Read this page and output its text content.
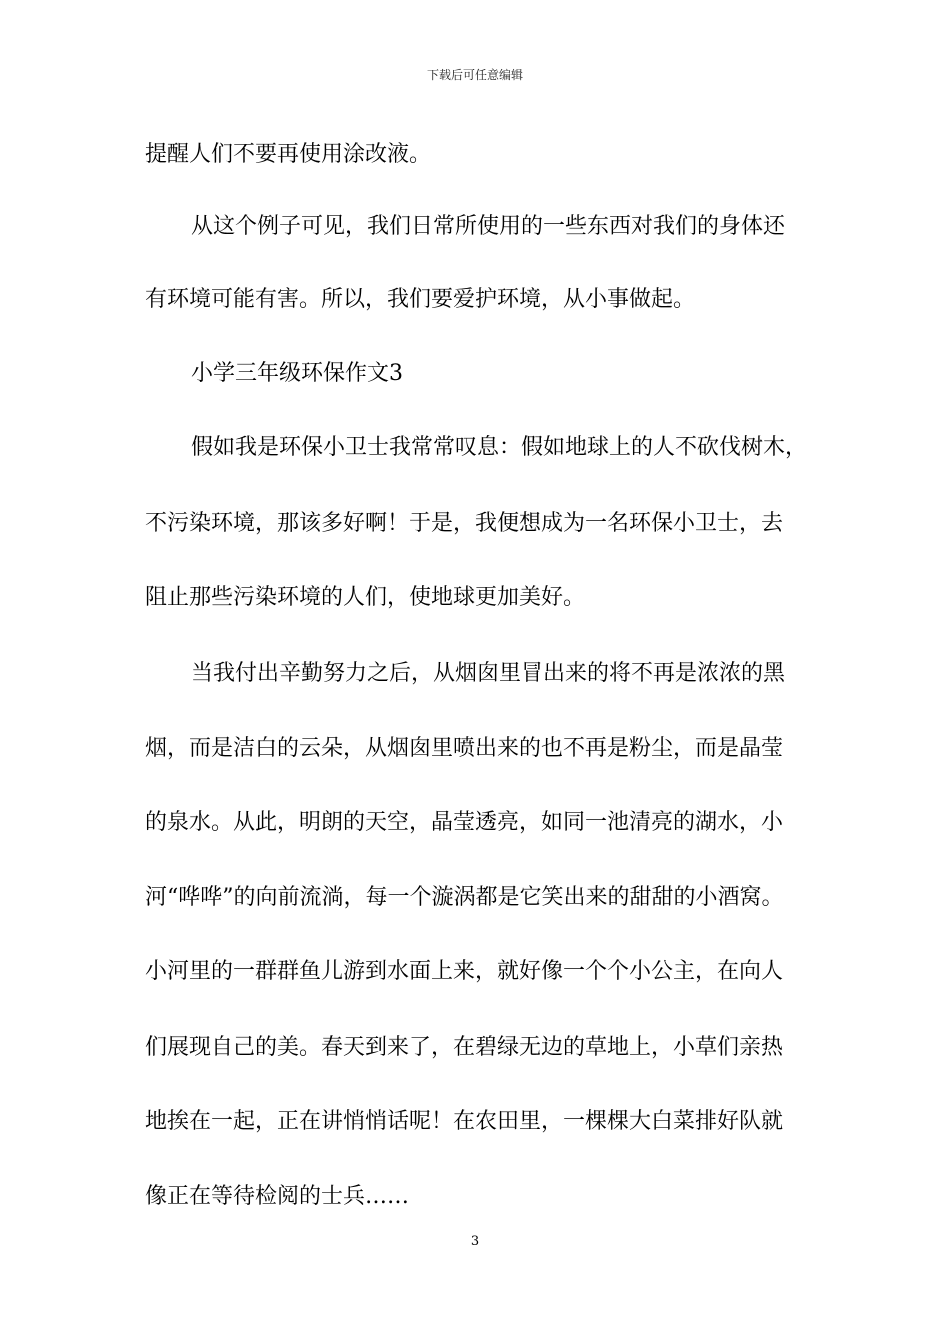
下载后可任意编辑
提醒人们不要再使用涂改液。
从这个例子可见，我们日常所使用的一些东西对我们的身体还
有环境可能有害。所以，我们要爱护环境，从小事做起。
小学三年级环保作文3
假如我是环保小卫士我常常叹息：假如地球上的人不砍伐树木，
不污染环境，那该多好啊！于是，我便想成为一名环保小卫士，去
阻止那些污染环境的人们，使地球更加美好。
当我付出辛勤努力之后，从烟囱里冒出来的将不再是浓浓的黑
烟，而是洁白的云朵，从烟囱里喷出来的也不再是粉尘，而是晶莹
的泉水。从此，明朗的天空，晶莹透亮，如同一池清亮的湖水，小
河“哗哗”的向前流淌，每一个漩涡都是它笑出来的甜甜的小酒窝。
小河里的一群群鱼儿游到水面上来，就好像一个个小公主，在向人
们展现自己的美。春天到来了，在碧绿无边的草地上，小草们亲热
地挨在一起，正在讲悄悄话呢！在农田里，一棵棵大白菜排好队就
像正在等待检阅的士兵……
3
